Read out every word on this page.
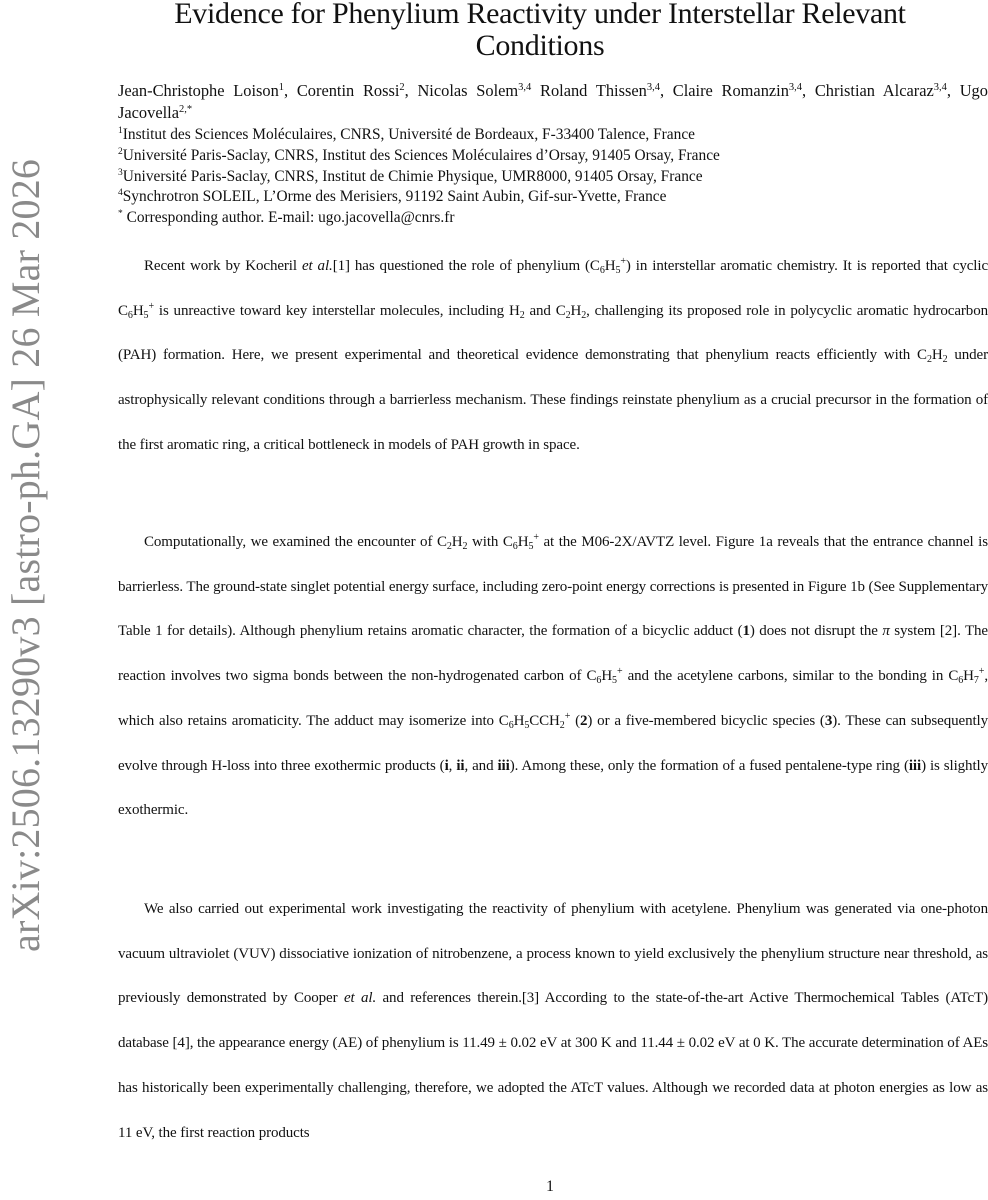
arXiv:2506.13290v3 [astro-ph.GA] 26 Mar 2026
Evidence for Phenylium Reactivity under Interstellar Relevant Conditions
Jean-Christophe Loison$^1$, Corentin Rossi$^2$, Nicolas Solem$^{3,4}$ Roland Thissen$^{3,4}$, Claire Romanzin$^{3,4}$, Christian Alcaraz$^{3,4}$, Ugo Jacovella$^{2,*}$
$^1$Institut des Sciences Moléculaires, CNRS, Université de Bordeaux, F-33400 Talence, France
$^2$Université Paris-Saclay, CNRS, Institut des Sciences Moléculaires d’Orsay, 91405 Orsay, France
$^3$Université Paris-Saclay, CNRS, Institut de Chimie Physique, UMR8000, 91405 Orsay, France
$^4$Synchrotron SOLEIL, L’Orme des Merisiers, 91192 Saint Aubin, Gif-sur-Yvette, France
* Corresponding author. E-mail: ugo.jacovella@cnrs.fr

Recent work by Kocheril et al.[1] has questioned the role of phenylium $(C_6H_5^+)$ in interstellar aromatic chemistry. It is reported that cyclic $C_6H_5^+$ is unreactive toward key interstellar molecules, including $H_2$ and $C_2H_2$, challenging its proposed role in polycyclic aromatic hydrocarbon (PAH) formation. Here, we present experimental and theoretical evidence demonstrating that phenylium reacts efficiently with $C_2H_2$ under astrophysically relevant conditions through a barrierless mechanism. These findings reinstate phenylium as a crucial precursor in the formation of the first aromatic ring, a critical bottleneck in models of PAH growth in space.

Computationally, we examined the encounter of $C_2H_2$ with $C_6H_5^+$ at the M06-2X/AVTZ level. Figure 1a reveals that the entrance channel is barrierless. The ground-state singlet potential energy surface, including zero-point energy corrections is presented in Figure 1b (See Supplementary Table 1 for details). Although phenylium retains aromatic character, the formation of a bicyclic adduct (1) does not disrupt the π system [2]. The reaction involves two sigma bonds between the non-hydrogenated carbon of $C_6H_5^+$ and the acetylene carbons, similar to the bonding in $C_6H_7^+$, which also retains aromaticity. The adduct may isomerize into $C_6H_5CCH_2^+$ (2) or a five-membered bicyclic species (3). These can subsequently evolve through H-loss into three exothermic products (i, ii, and iii). Among these, only the formation of a fused pentalene-type ring (iii) is slightly exothermic.

We also carried out experimental work investigating the reactivity of phenylium with acetylene. Phenylium was generated via one-photon vacuum ultraviolet (VUV) dissociative ionization of nitrobenzene, a process known to yield exclusively the phenylium structure near threshold, as previously demonstrated by Cooper et al. and references therein.[3] According to the state-of-the-art Active Thermochemical Tables (ATcT) database [4], the appearance energy (AE) of phenylium is 11.49 ± 0.02 eV at 300 K and 11.44 ± 0.02 eV at 0 K. The accurate determination of AEs has historically been experimentally challenging, therefore, we adopted the ATcT values. Although we recorded data at photon energies as low as 11 eV, the first reaction products

1
